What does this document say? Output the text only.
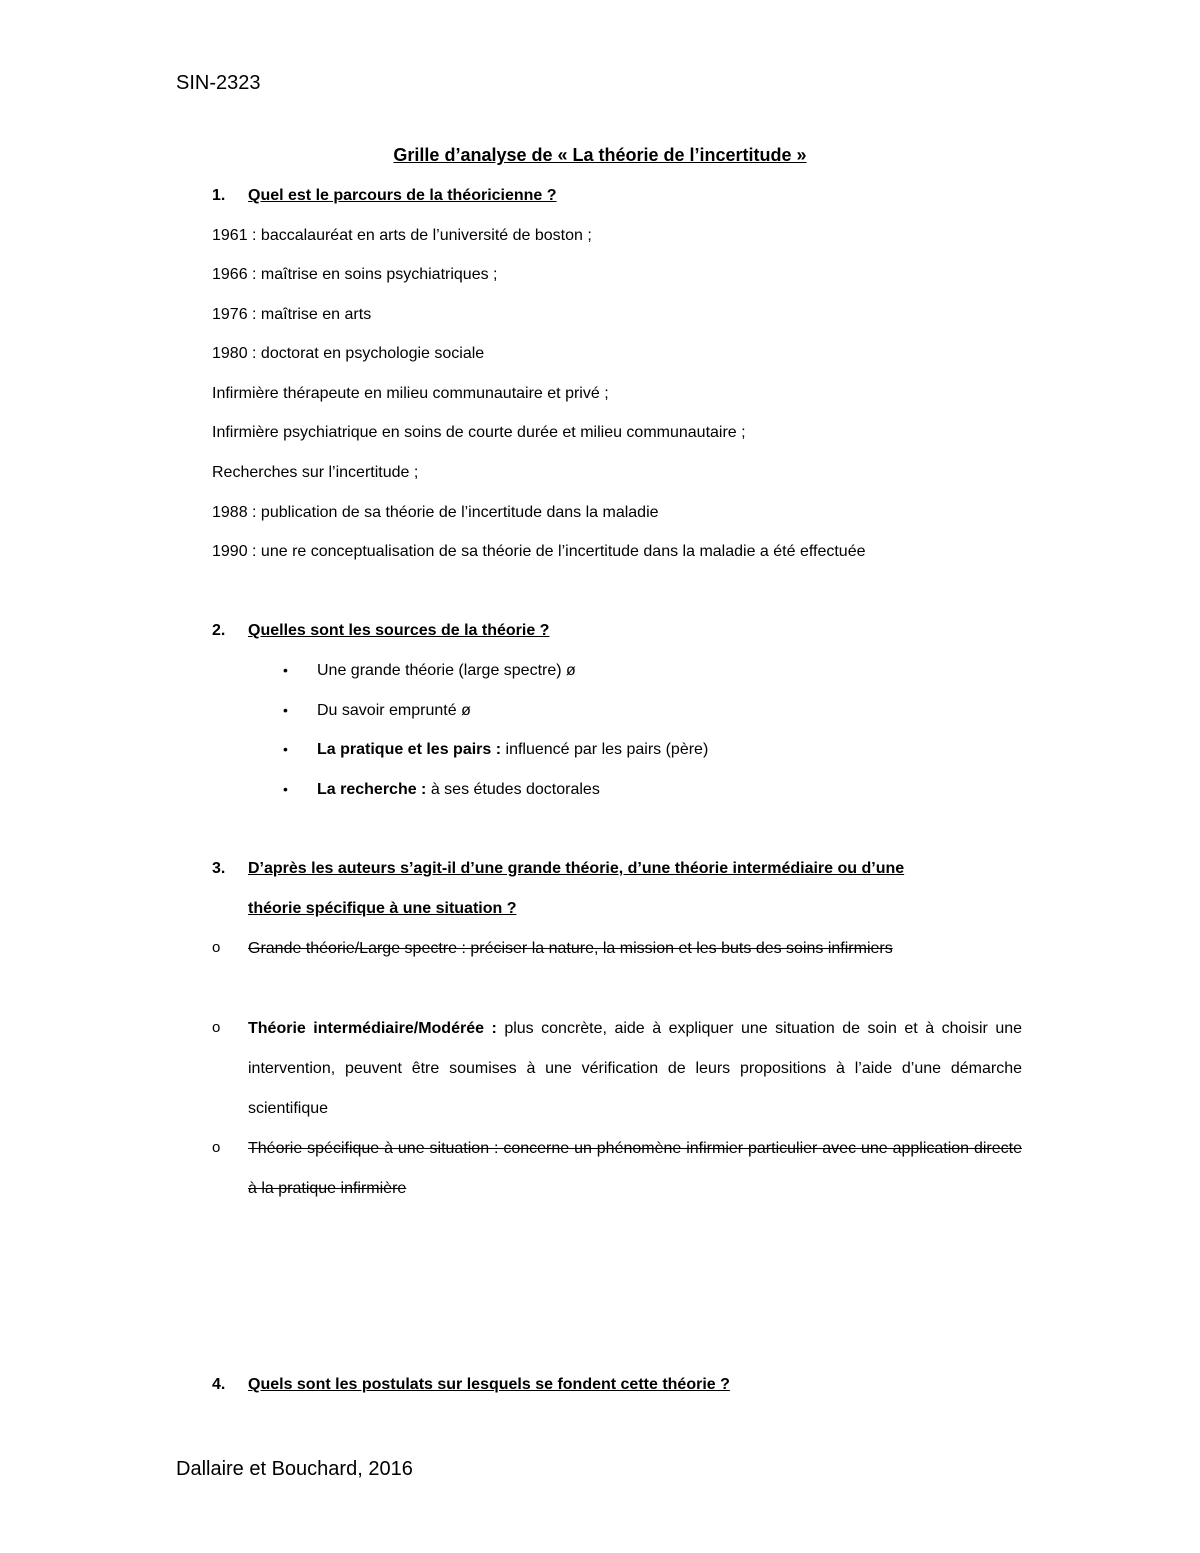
SIN-2323
Grille d’analyse de « La théorie de l’incertitude »
1. Quel est le parcours de la théoricienne ?
1961 : baccalauréat en arts de l’université de boston ;
1966 : maîtrise en soins psychiatriques ;
1976 : maîtrise en arts
1980 : doctorat en psychologie sociale
Infirmière thérapeute en milieu communautaire et privé ;
Infirmière psychiatrique en soins de courte durée et milieu communautaire ;
Recherches sur l’incertitude ;
1988 : publication de sa théorie de l’incertitude dans la maladie
1990 : une re conceptualisation de sa théorie de l’incertitude dans la maladie a été effectuée
2. Quelles sont les sources de la théorie ?
• Une grande théorie (large spectre) ø
• Du savoir emprunté ø
• La pratique et les pairs : influencé par les pairs (père)
• La recherche : à ses études doctorales
3. D’après les auteurs s’agit-il d’une grande théorie, d’une théorie intermédiaire ou d’une
théorie spécifique à une situation ?
o Grande théorie/Large spectre : préciser la nature, la mission et les buts des soins infirmiers
o Théorie intermédiaire/Modérée : plus concrète, aide à expliquer une situation de soin et à choisir une intervention, peuvent être soumises à une vérification de leurs propositions à l’aide d’une démarche scientifique
o Théorie spécifique à une situation : concerne un phénomène infirmier particulier avec une application directe à la pratique infirmière
4. Quels sont les postulats sur lesquels se fondent cette théorie ?
Dallaire et Bouchard, 2016
